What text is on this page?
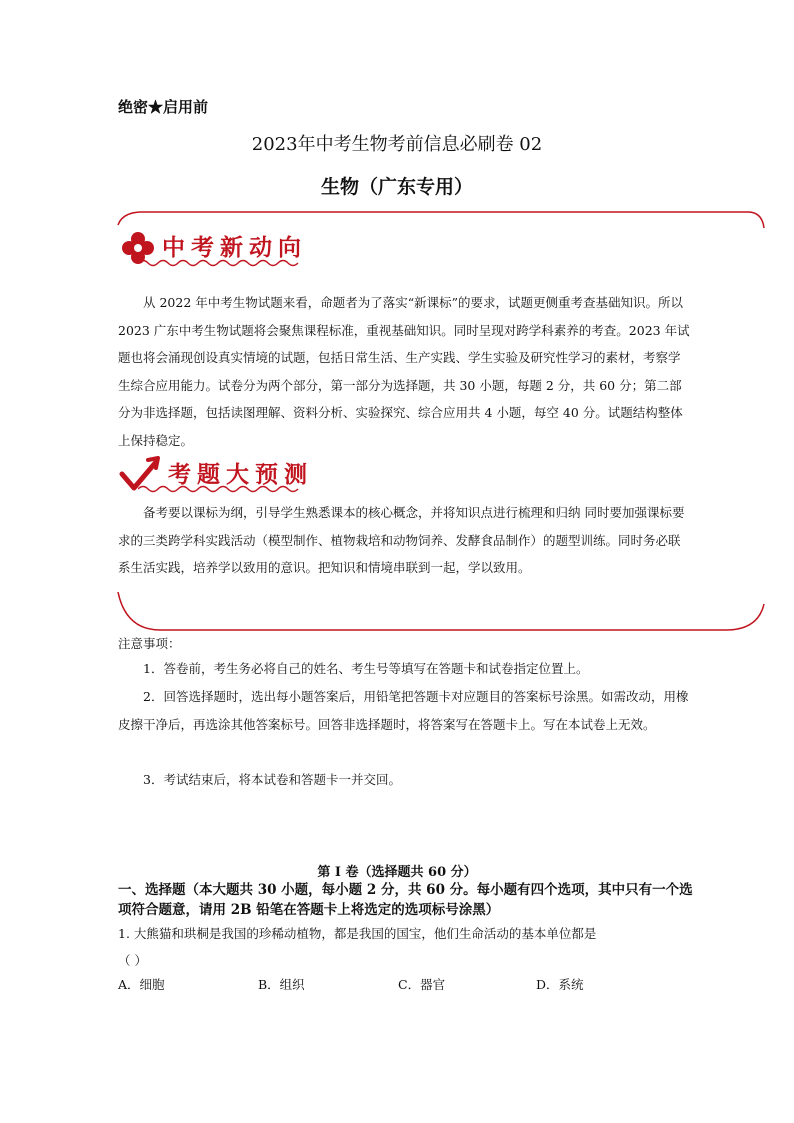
绝密★启用前
2023年中考生物考前信息必刷卷 02
生物（广东专用）
中考新动向
从 2022 年中考生物试题来看，命题者为了落实“新课标”的要求，试题更侧重考查基础知识。所以 2023 广东中考生物试题将会聚焦课程标准，重视基础知识。同时呈现对跨学科素养的考查。2023 年试题也将会涌现创设真实情境的试题，包括日常生活、生产实践、学生实验及研究性学习的素材，考察学生综合应用能力。试卷分为两个部分，第一部分为选择题，共 30 小题，每题 2 分，共 60 分；第二部分为非选择题，包括读图理解、资料分析、实验探究、综合应用共 4 小题，每空 40 分。试题结构整体上保持稳定。
考题大预测
备考要以课标为纲，引导学生熟悉课本的核心概念，并将知识点进行梳理和归纳 同时要加强课标要求的三类跨学科实践活动（模型制作、植物栽培和动物饲养、发酵食品制作）的题型训练。同时务必联系生活实践，培养学以致用的意识。把知识和情境串联到一起，学以致用。
注意事项：
1．答卷前，考生务必将自己的姓名、考生号等填写在答题卡和试卷指定位置上。
2．回答选择题时，选出每小题答案后，用铅笔把答题卡对应题目的答案标号涂黑。如需改动，用橡皮擦干净后，再选涂其他答案标号。回答非选择题时，将答案写在答题卡上。写在本试卷上无效。
3．考试结束后，将本试卷和答题卡一并交回。
第 I 卷（选择题共 60 分）
一、选择题（本大题共 30 小题，每小题 2 分，共 60 分。每小题有四个选项，其中只有一个选项符合题意，请用 2B 铅笔在答题卡上将选定的选项标号涂黑）
1. 大熊猫和珙桐是我国的珍稀动植物，都是我国的国宝，他们生命活动的基本单位都是
（ ）
A．细胞	B．组织	C．器官	D．系统
